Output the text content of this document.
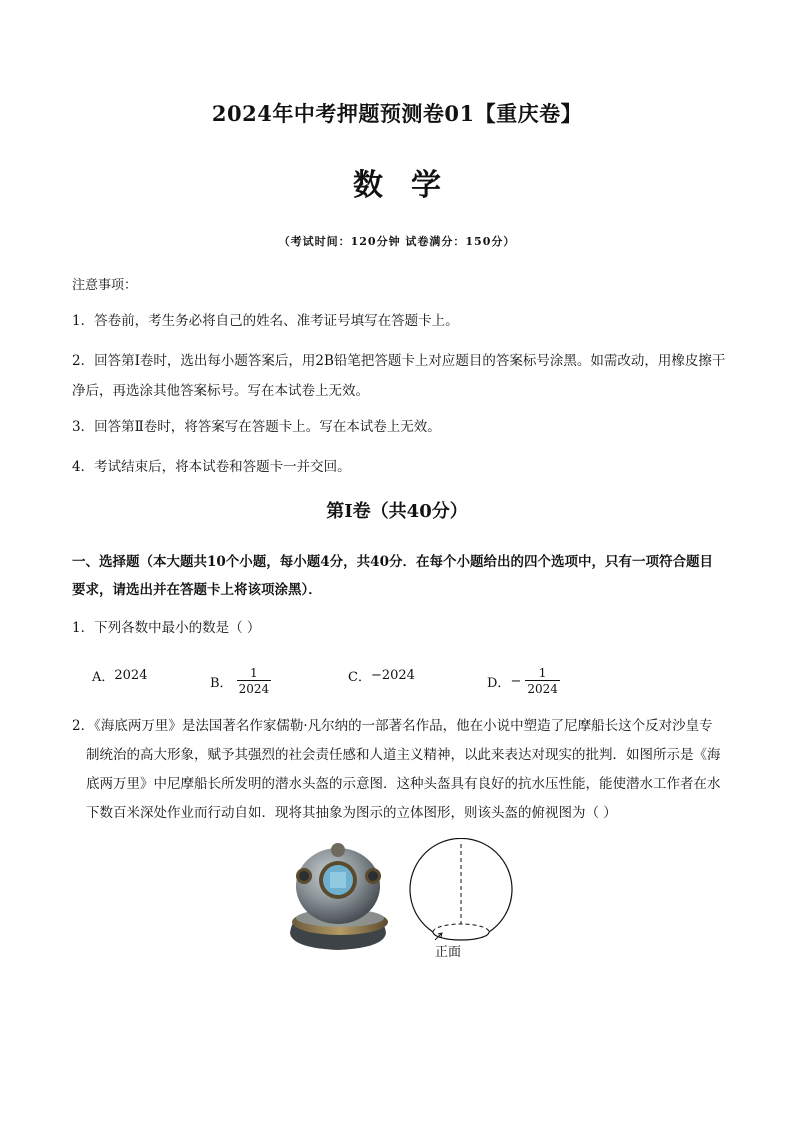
2024年中考押题预测卷01【重庆卷】
数学
（考试时间：120分钟 试卷满分：150分）
注意事项：
1．答卷前，考生务必将自己的姓名、准考证号填写在答题卡上。
2．回答第Ⅰ卷时，选出每小题答案后，用2B铅笔把答题卡上对应题目的答案标号涂黑。如需改动，用橡皮擦干净后，再选涂其他答案标号。写在本试卷上无效。
3．回答第Ⅱ卷时，将答案写在答题卡上。写在本试卷上无效。
4．考试结束后，将本试卷和答题卡一并交回。
第Ⅰ卷（共40分）
一、选择题（本大题共10个小题，每小题4分，共40分．在每个小题给出的四个选项中，只有一项符合题目要求，请选出并在答题卡上将该项涂黑）．
1．下列各数中最小的数是（ ）
A． 2024	B． $\frac{1}{2024}$	C． −2024	D． − $\frac{1}{2024}$
2．《海底两万里》是法国著名作家儒勒·凡尔纳的一部著名作品，他在小说中塑造了尼摩船长这个反对沙皇专制统治的高大形象，赋予其强烈的社会责任感和人道主义精神，以此来表达对现实的批判．如图所示是《海底两万里》中尼摩船长所发明的潜水头盔的示意图．这种头盔具有良好的抗水压性能，能使潜水工作者在水下数百米深处作业而行动自如．现将其抽象为图示的立体图形，则该头盔的俯视图为（ ）
正面
